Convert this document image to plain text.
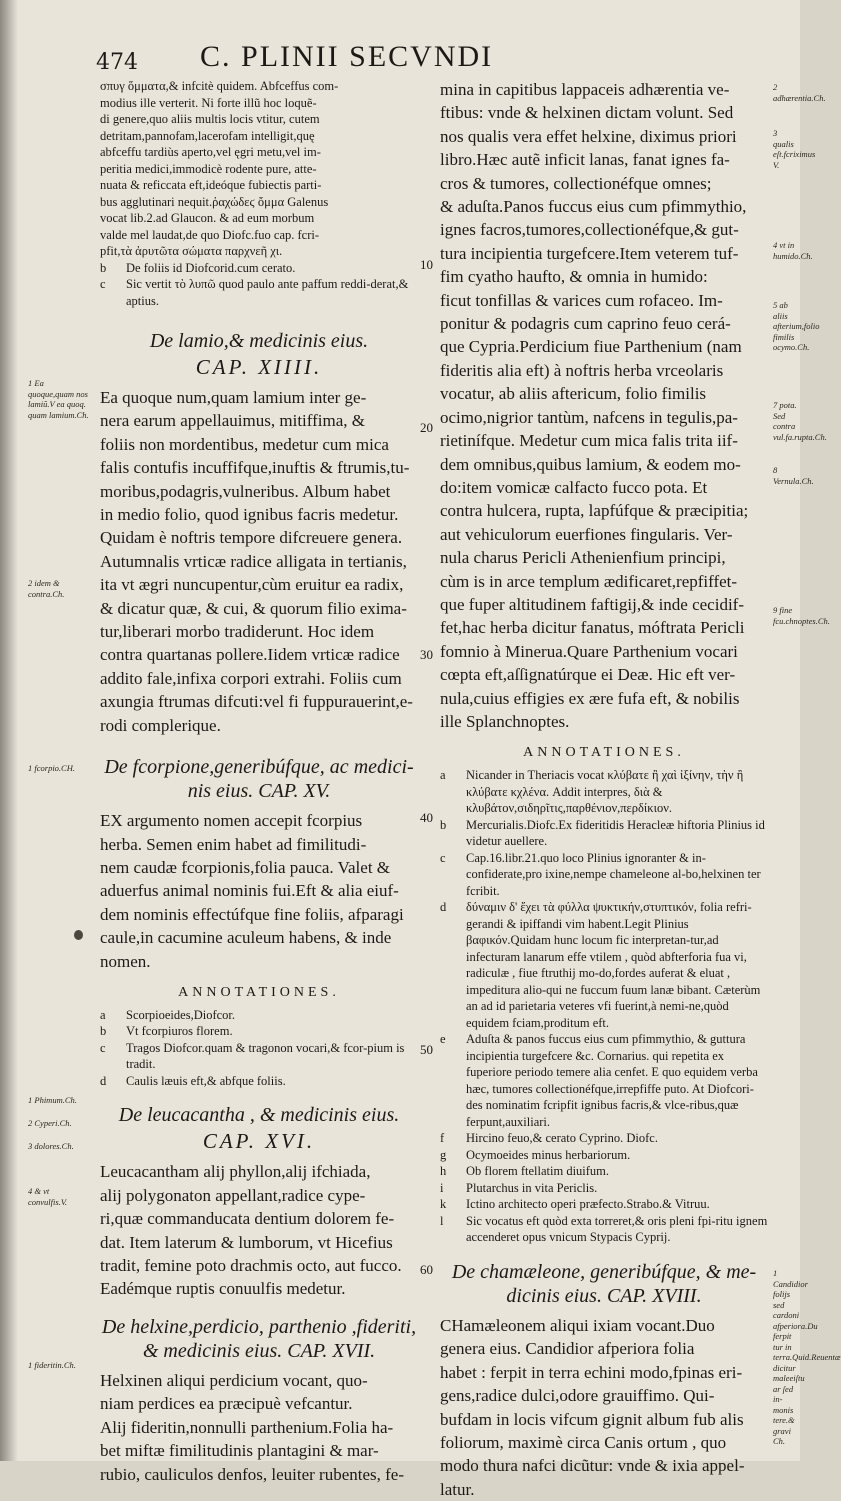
474 C. PLINII SECVNDI

σπυγ ὅμματα,& infcitè quidem. Abfceffus com-

modius ille verterit. Ni forte illũ hoc loquẽ-

di genere,quo aliis multis locis vtitur, cutem

detritam,pannofam,lacerofam intelligit,quę

abfceffu tardiùs aperto,vel ęgri metu,vel im-

peritia medici,immodicè rodente pure, atte-

nuata & reficcata eft,ideóque fubiectis parti-

bus agglutinari nequit.ῥαχώδεϛ ὄμμα Galenus

vocat lib.2.ad Glaucon. & ad eum morbum

valde mel laudat,de quo Diofc.fuo cap. fcri-

pfit,τὰ ἀρυτῶτα σώματα παρχνεῆ χι.

b	De foliis id Diofcorid.cum cerato.
c	Sic vertit τὸ λυπῶ quod paulo ante paffum reddi-derat,& aptius.
De lamio,& medicinis eius.
CAP. XIIII.

Ea quoque num,quam lamium inter ge-

nera earum appellauimus, mitiffima, &

foliis non mordentibus, medetur cum mica

falis contufis incuffifque,inuftis & ftrumis,tu-

moribus,podagris,vulneribus. Album habet

in medio folio, quod ignibus facris medetur.

Quidam è noftris tempore difcreuere genera.

Autumnalis vrticæ radice alligata in tertianis,

ita vt ægri nuncupentur,cùm eruitur ea radix,

& dicatur quæ, & cui, & quorum filio exima-

tur,liberari morbo tradiderunt. Hoc idem

contra quartanas pollere.Iidem vrticæ radice

addito fale,infixa corpori extrahi. Foliis cum

axungia ftrumas difcuti:vel fi fuppurauerint,e-

rodi complerique.

De fcorpione,generibúfque, ac medici-nis eius. CAP. XV.

EX argumento nomen accepit fcorpius

herba. Semen enim habet ad fimilitudi-

nem caudæ fcorpionis,folia pauca. Valet &

aduerfus animal nominis fui.Eft & alia eiuf-

dem nominis effectúfque fine foliis, afparagi

caule,in cacumine aculeum habens, & inde

nomen.

ANNOTATIONES.
a	Scorpioeides,Diofcor.
b	Vt fcorpiuros florem.
c	Tragos Diofcor.quam & tragonon vocari,& fcor-pium is tradit.
d	Caulis læuis eft,& abfque foliis.
De leucacantha , & medicinis eius.
CAP. XVI.

Leucacantham alij phyllon,alij ifchiada,

alij polygonaton appellant,radice cype-

ri,quæ commanducata dentium dolorem fe-

dat. Item laterum & lumborum, vt Hicefius

tradit, femine poto drachmis octo, aut fucco.

Eadémque ruptis conuulfis medetur.

De helxine,perdicio, parthenio ,fideriti, & medicinis eius. CAP. XVII.

Helxinen aliqui perdicium vocant, quo-

niam perdices ea præcipuè vefcantur.

Alij fideritin,nonnulli parthenium.Folia ha-

bet miftæ fimilitudinis plantagini & mar-

rubio, cauliculos denfos, leuiter rubentes, fe-

mina in capitibus lappaceis adhærentia ve-

ftibus: vnde & helxinen dictam volunt. Sed

nos qualis vera effet helxine, diximus priori

libro.Hæc autẽ inficit lanas, fanat ignes fa-

cros & tumores, collectionéfque omnes;

& aduſta.Panos fuccus eius cum pfimmythio,

ignes facros,tumores,collectionéfque,& gut-

tura incipientia turgefcere.Item veterem tuf-

fim cyatho haufto, & omnia in humido:

ficut tonfillas & varices cum rofaceo. Im-

ponitur & podagris cum caprino feuo cerá-

que Cypria.Perdicium fiue Parthenium (nam

fideritis alia eft) à noftris herba vrceolaris

vocatur, ab aliis aftericum, folio fimilis

ocimo,nigrior tantùm, nafcens in tegulis,pa-

rietinífque. Medetur cum mica falis trita iif-

dem omnibus,quibus lamium, & eodem mo-

do:item vomicæ calfacto fucco pota. Et

contra hulcera, rupta, lapfúfque & præcipitia;

aut vehiculorum euerfiones fingularis. Ver-

nula charus Pericli Athenienfium principi,

cùm is in arce templum ædificaret,repfiffet-

que fuper altitudinem faftigij,& inde cecidif-

fet,hac herba dicitur fanatus, móftrata Pericli

fomnio à Minerua.Quare Parthenium vocari

cœpta eft,aſſignatúrque ei Deæ. Hic eft ver-

nula,cuius effigies ex ære fufa eft, & nobilis

ille Splanchnoptes.

ANNOTATIONES.
a	Nicander in Theriacis vocat κλύβατε ἢ χαὶ ἰξίνην, τὴν ἢ κλύβατε κχλένα. Addit interpres, διὰ & κλυβάτον,σιδηρῖτις,παρθένιον,περδίκιον.
b	Mercurialis.Diofc.Ex fideritidis Heracleæ hiftoria Plinius id videtur auellere.
c	Cap.16.libr.21.quo loco Plinius ignoranter & in-confiderate,pro ixine,nempe chameleone al-bo,helxinen ter fcribit.
d	δύναμιν δ' ἔχει τὰ φύλλα ψυκτικήν,στυπτικόν, folia refri-gerandi & ipiffandi vim habent.Legit Plinius βαφικόν.Quidam hunc locum fic interpretan-tur,ad infecturam lanarum effe vtilem , quòd abfterforia fua vi, radiculæ , fiue ftruthij mo-do,fordes auferat & eluat , impeditura alio-qui ne fuccum fuum lanæ bibant. Cæterùm an ad id parietaria veteres vfi fuerint,à nemi-ne,quòd equidem fciam,proditum eft.
e	Aduſta & panos fuccus eius cum pfimmythio, & guttura incipientia turgefcere &c. Cornarius. qui repetita ex fuperiore periodo temere alia cenfet. E quo equidem verba hæc, tumores collectionéfque,irrepfiffe puto. At Diofcori-des nominatim fcripfit ignibus facris,& vlce-ribus,quæ ferpunt,auxiliari.
f	Hircino feuo,& cerato Cyprino. Diofc.
g	Ocymoeides minus herbariorum.
h	Ob florem ftellatim diuifum.
i	Plutarchus in vita Periclis.
k	Ictino architecto operi præfecto.Strabo.& Vitruu.
l	Sic vocatus eft quòd exta torreret,& oris pleni fpi-ritu ignem accenderet opus vnicum Stypacis Cyprij.
De chamæleone, generibúfque, & me-dicinis eius. CAP. XVIII.

CHamæleonem aliqui ixiam vocant.Duo

genera eius. Candidior afperiora folia

habet : ferpit in terra echini modo,fpinas eri-

gens,radice dulci,odore grauiffimo. Qui-

bufdam in locis vifcum gignit album fub alis

foliorum, maximè circa Canis ortum , quo

modo thura nafci dicũtur: vnde & ixia appel-

latur.

10
20
30
40
50
60
1 Ea quoque,quam nos lamiũ.V ea quoq. quam lamium.Ch.
2 idem & contra.Ch.
1 fcorpio.CH.
1 Phimum.Ch.
2 Cyperi.Ch.
3 dolores.Ch.
4 & vt convulfis.V.
1 fideritin.Ch.
2 adhærentia.Ch.
3 qualis eſt.fcriximus V.
4 vt in humido.Ch.
5 ab aliis afterium,folio fimilis ocymo.Ch.
7 pota. Sed contra vul.fa.rupta.Ch.
8 Vernula.Ch.
9 fine fcu.chnoptes.Ch.
1 Candidior folijs sed cardoni afperiora.Du ferpit tur in terra.Quid.Reuentæ dicitur maleeiſtu ar ſed in-monis tere.& gravi Ch.
